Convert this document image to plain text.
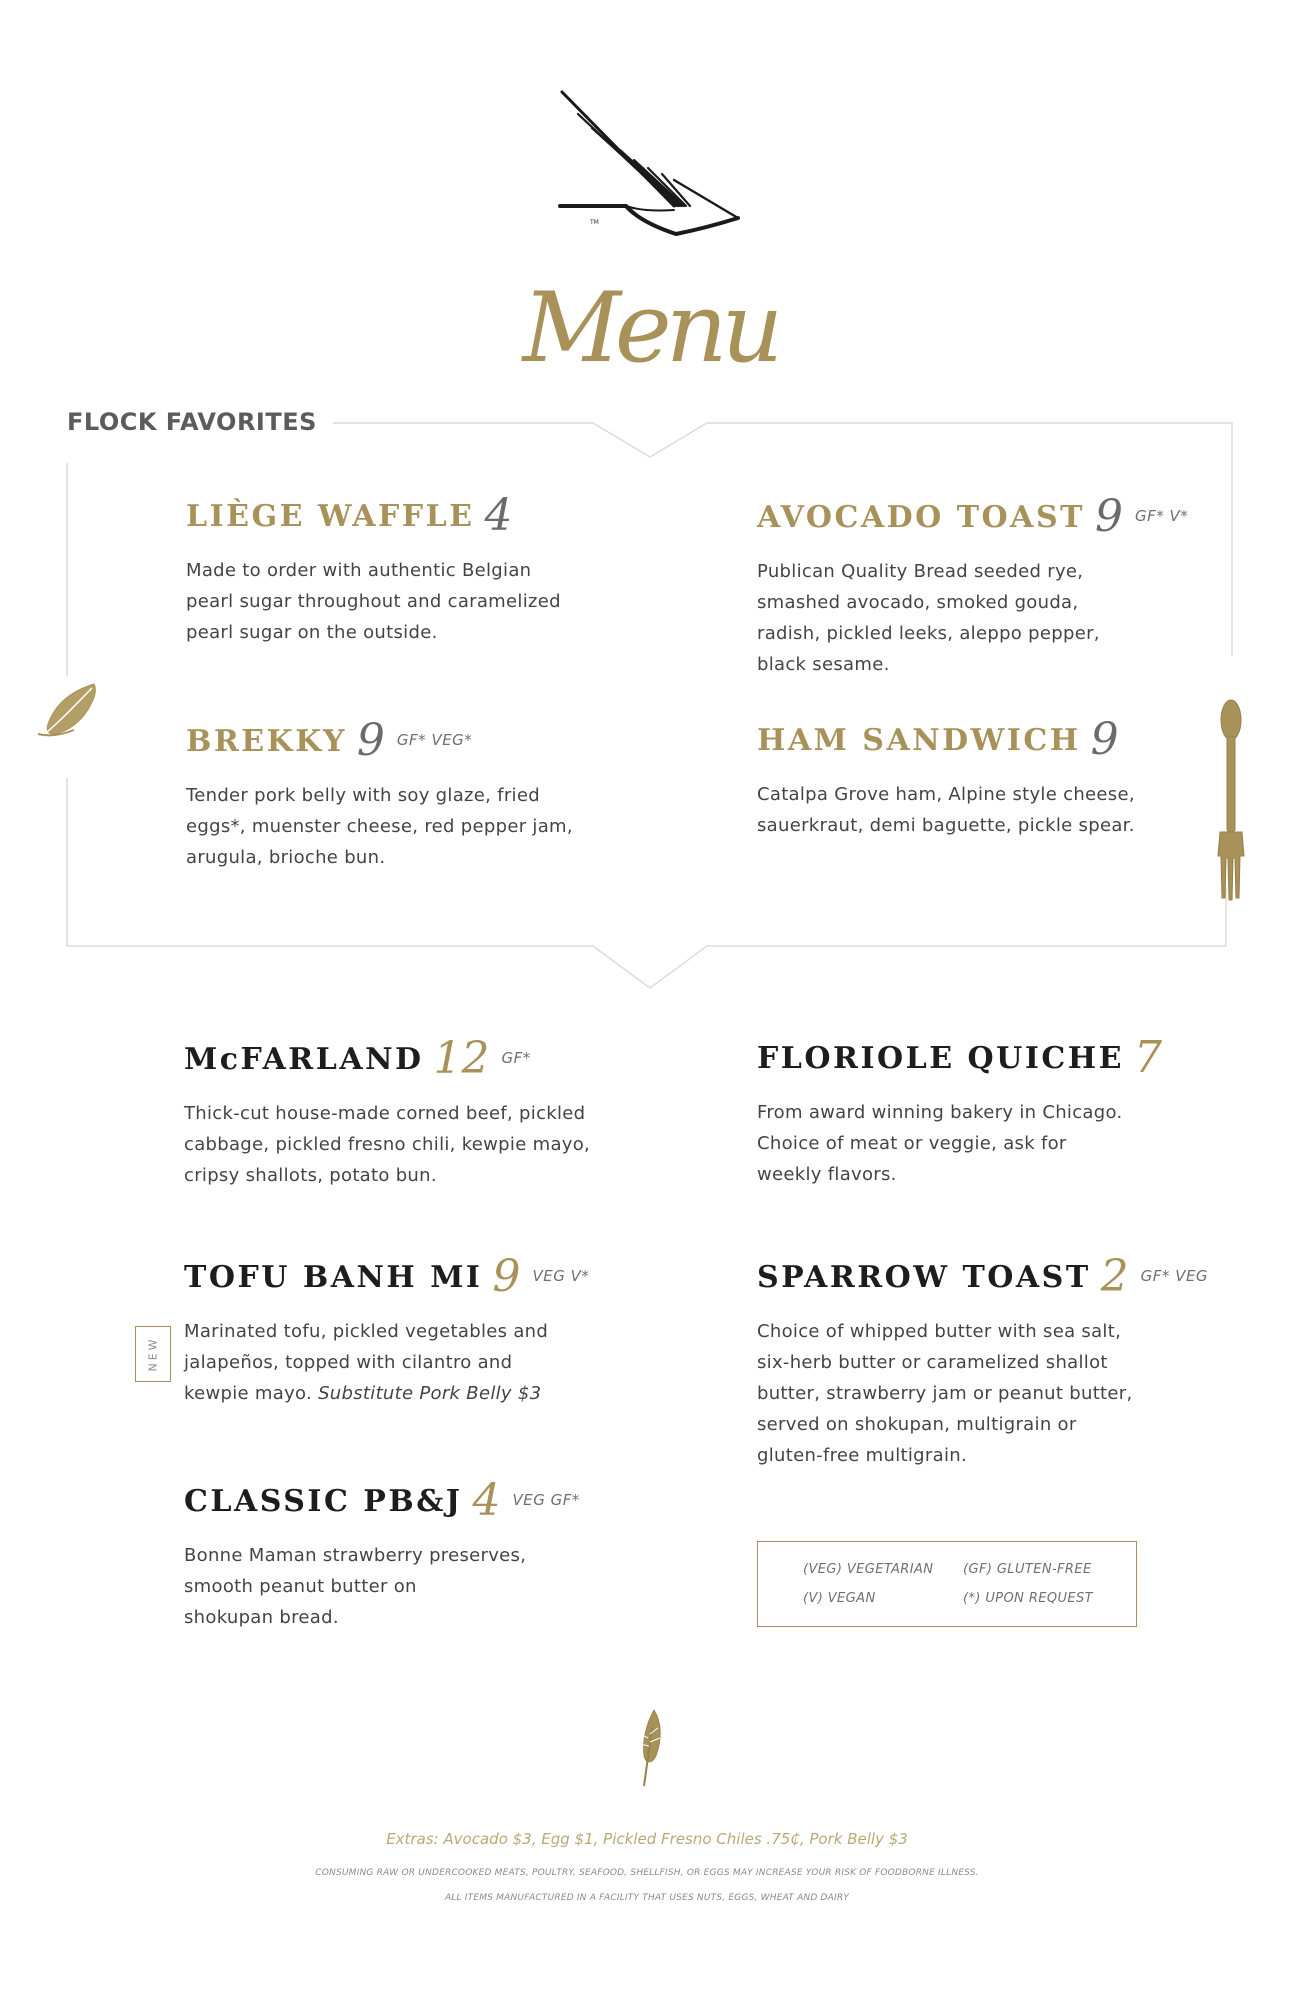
TM
Menu
FLOCK FAVORITES
LIÈGE WAFFLE 4
Made to order with authentic Belgian
pearl sugar throughout and caramelized
pearl sugar on the outside.
AVOCADO TOAST 9 $^{GF* V*}$
Publican Quality Bread seeded rye,
smashed avocado, smoked gouda,
radish, pickled leeks, aleppo pepper,
black sesame.
BREKKY 9 $^{GF* VEG*}$
Tender pork belly with soy glaze, fried
eggs*, muenster cheese, red pepper jam,
arugula, brioche bun.
HAM SANDWICH 9
Catalpa Grove ham, Alpine style cheese,
sauerkraut, demi baguette, pickle spear.
McFARLAND 12 $^{GF*}$
Thick-cut house-made corned beef, pickled
cabbage, pickled fresno chili, kewpie mayo,
cripsy shallots, potato bun.
FLORIOLE QUICHE 7
From award winning bakery in Chicago.
Choice of meat or veggie, ask for
weekly flavors.
TOFU BANH MI 9 $^{VEG V*}$
Marinated tofu, pickled vegetables and
jalapeños, topped with cilantro and
kewpie mayo. Substitute Pork Belly $3
NEW
SPARROW TOAST 2 $^{GF* VEG}$
Choice of whipped butter with sea salt,
six-herb butter or caramelized shallot
butter, strawberry jam or peanut butter,
served on shokupan, multigrain or
gluten-free multigrain.
CLASSIC PB&J 4 $^{VEG GF*}$
Bonne Maman strawberry preserves,
smooth peanut butter on
shokupan bread.
(VEG) VEGETARIAN (GF) GLUTEN-FREE
(V) VEGAN	(*) UPON REQUEST
Extras: Avocado $3, Egg $1, Pickled Fresno Chiles .75₵, Pork Belly $3
CONSUMING RAW OR UNDERCOOKED MEATS, POULTRY, SEAFOOD, SHELLFISH, OR EGGS MAY INCREASE YOUR RISK OF FOODBORNE ILLNESS.
ALL ITEMS MANUFACTURED IN A FACILITY THAT USES NUTS, EGGS, WHEAT AND DAIRY
